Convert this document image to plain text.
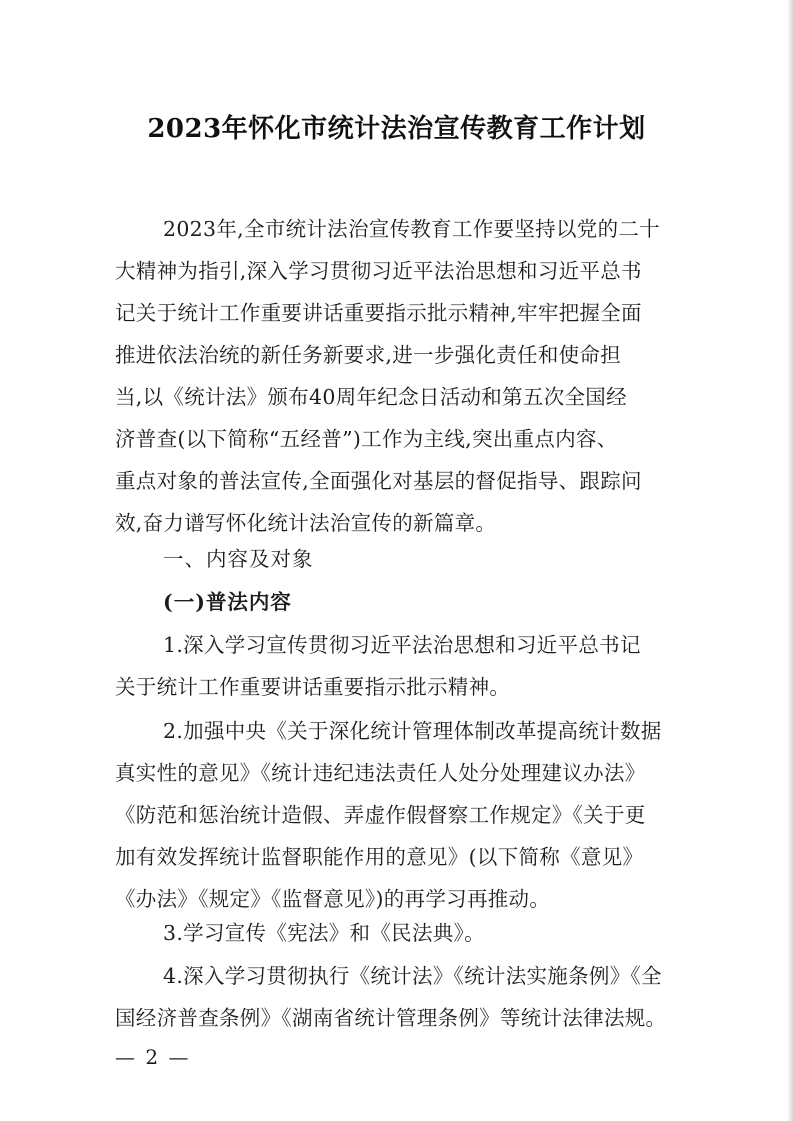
2023年怀化市统计法治宣传教育工作计划
2023年,全市统计法治宣传教育工作要坚持以党的二十
大精神为指引,深入学习贯彻习近平法治思想和习近平总书
记关于统计工作重要讲话重要指示批示精神,牢牢把握全面
推进依法治统的新任务新要求,进一步强化责任和使命担
当,以《统计法》颁布40周年纪念日活动和第五次全国经
济普查(以下简称“五经普”)工作为主线,突出重点内容、
重点对象的普法宣传,全面强化对基层的督促指导、跟踪问
效,奋力谱写怀化统计法治宣传的新篇章。
一、内容及对象
(一)普法内容
1.深入学习宣传贯彻习近平法治思想和习近平总书记
关于统计工作重要讲话重要指示批示精神。
2.加强中央《关于深化统计管理体制改革提高统计数据
真实性的意见》《统计违纪违法责任人处分处理建议办法》
《防范和惩治统计造假、弄虚作假督察工作规定》《关于更
加有效发挥统计监督职能作用的意见》(以下简称《意见》
《办法》《规定》《监督意见》)的再学习再推动。
3.学习宣传《宪法》和《民法典》。
4.深入学习贯彻执行《统计法》《统计法实施条例》《全
国经济普查条例》《湖南省统计管理条例》等统计法律法规。
— 2 —
